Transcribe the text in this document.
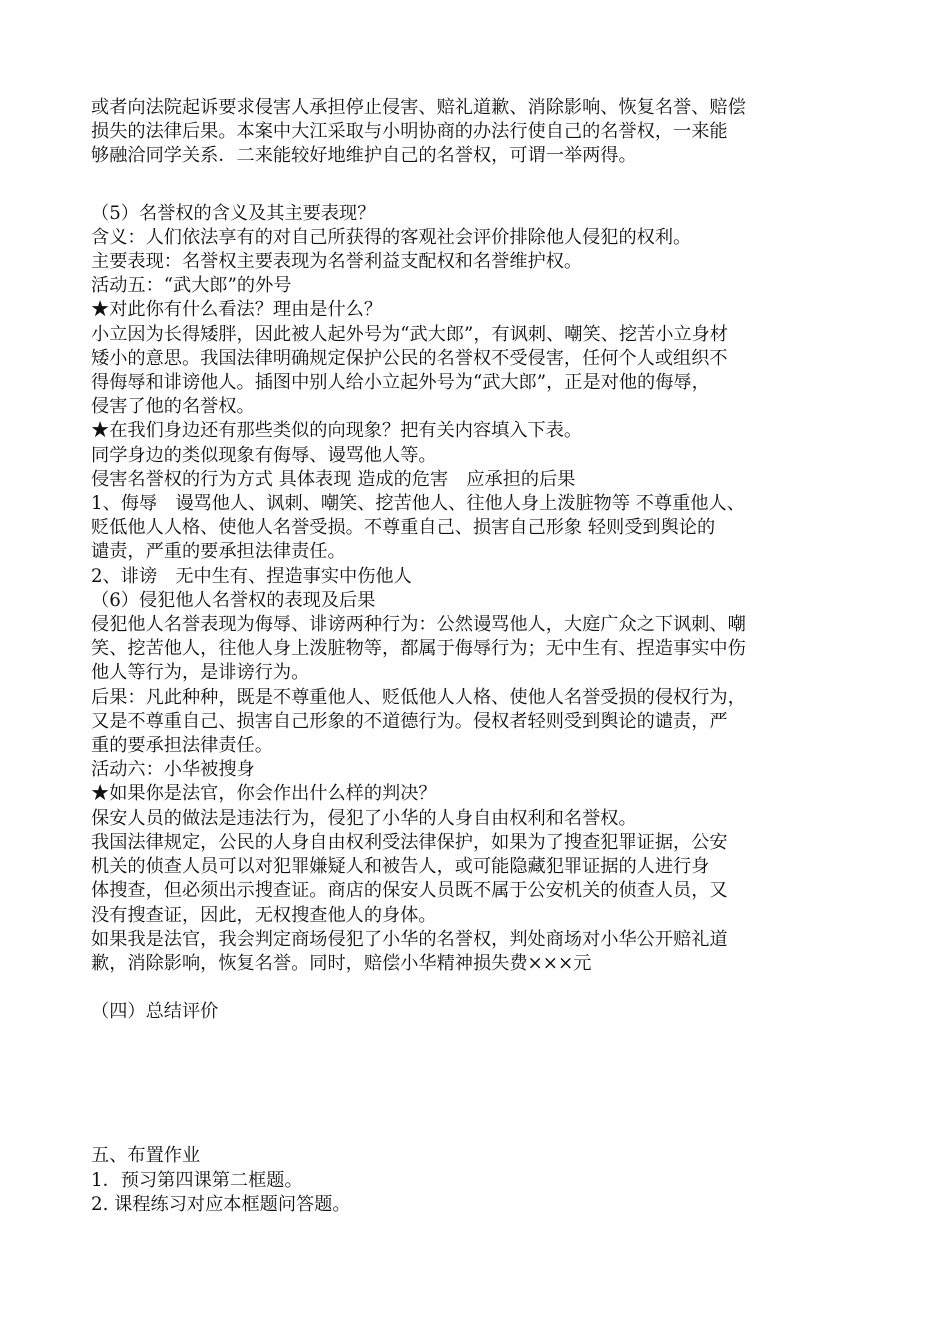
或者向法院起诉要求侵害人承担停止侵害、赔礼道歉、消除影响、恢复名誉、赔偿
损失的法律后果。本案中大江采取与小明协商的办法行使自己的名誉权，一来能
够融洽同学关系．二来能较好地维护自己的名誉权，可谓一举两得。
（5）名誉权的含义及其主要表现？
含义：人们依法享有的对自己所获得的客观社会评价排除他人侵犯的权利。
主要表现：名誉权主要表现为名誉利益支配权和名誉维护权。
活动五：“武大郎”的外号
★对此你有什么看法？理由是什么？
小立因为长得矮胖，因此被人起外号为“武大郎”，有讽刺、嘲笑、挖苦小立身材
矮小的意思。我国法律明确规定保护公民的名誉权不受侵害，任何个人或组织不
得侮辱和诽谤他人。插图中别人给小立起外号为“武大郎”，正是对他的侮辱，
侵害了他的名誉权。
★在我们身边还有那些类似的向现象？把有关内容填入下表。
同学身边的类似现象有侮辱、谩骂他人等。
侵害名誉权的行为方式 具体表现 造成的危害　应承担的后果
1、侮辱　谩骂他人、讽刺、嘲笑、挖苦他人、往他人身上泼脏物等 不尊重他人、
贬低他人人格、使他人名誉受损。不尊重自己、损害自己形象 轻则受到舆论的
谴责，严重的要承担法律责任。
2、诽谤　无中生有、捏造事实中伤他人
（6）侵犯他人名誉权的表现及后果
侵犯他人名誉表现为侮辱、诽谤两种行为：公然谩骂他人，大庭广众之下讽刺、嘲
笑、挖苦他人，往他人身上泼脏物等，都属于侮辱行为；无中生有、捏造事实中伤
他人等行为，是诽谤行为。
后果：凡此种种，既是不尊重他人、贬低他人人格、使他人名誉受损的侵权行为，
又是不尊重自己、损害自己形象的不道德行为。侵权者轻则受到舆论的谴责，严
重的要承担法律责任。
活动六：小华被搜身
★如果你是法官，你会作出什么样的判决？
保安人员的做法是违法行为，侵犯了小华的人身自由权利和名誉权。
我国法律规定，公民的人身自由权利受法律保护，如果为了搜查犯罪证据，公安
机关的侦查人员可以对犯罪嫌疑人和被告人，或可能隐藏犯罪证据的人进行身
体搜查，但必须出示搜查证。商店的保安人员既不属于公安机关的侦查人员，又
没有搜查证，因此，无权搜查他人的身体。
如果我是法官，我会判定商场侵犯了小华的名誉权，判处商场对小华公开赔礼道
歉，消除影响，恢复名誉。同时，赔偿小华精神损失费×××元
（四）总结评价
五、布置作业
1．预习第四课第二框题。
2. 课程练习对应本框题问答题。
